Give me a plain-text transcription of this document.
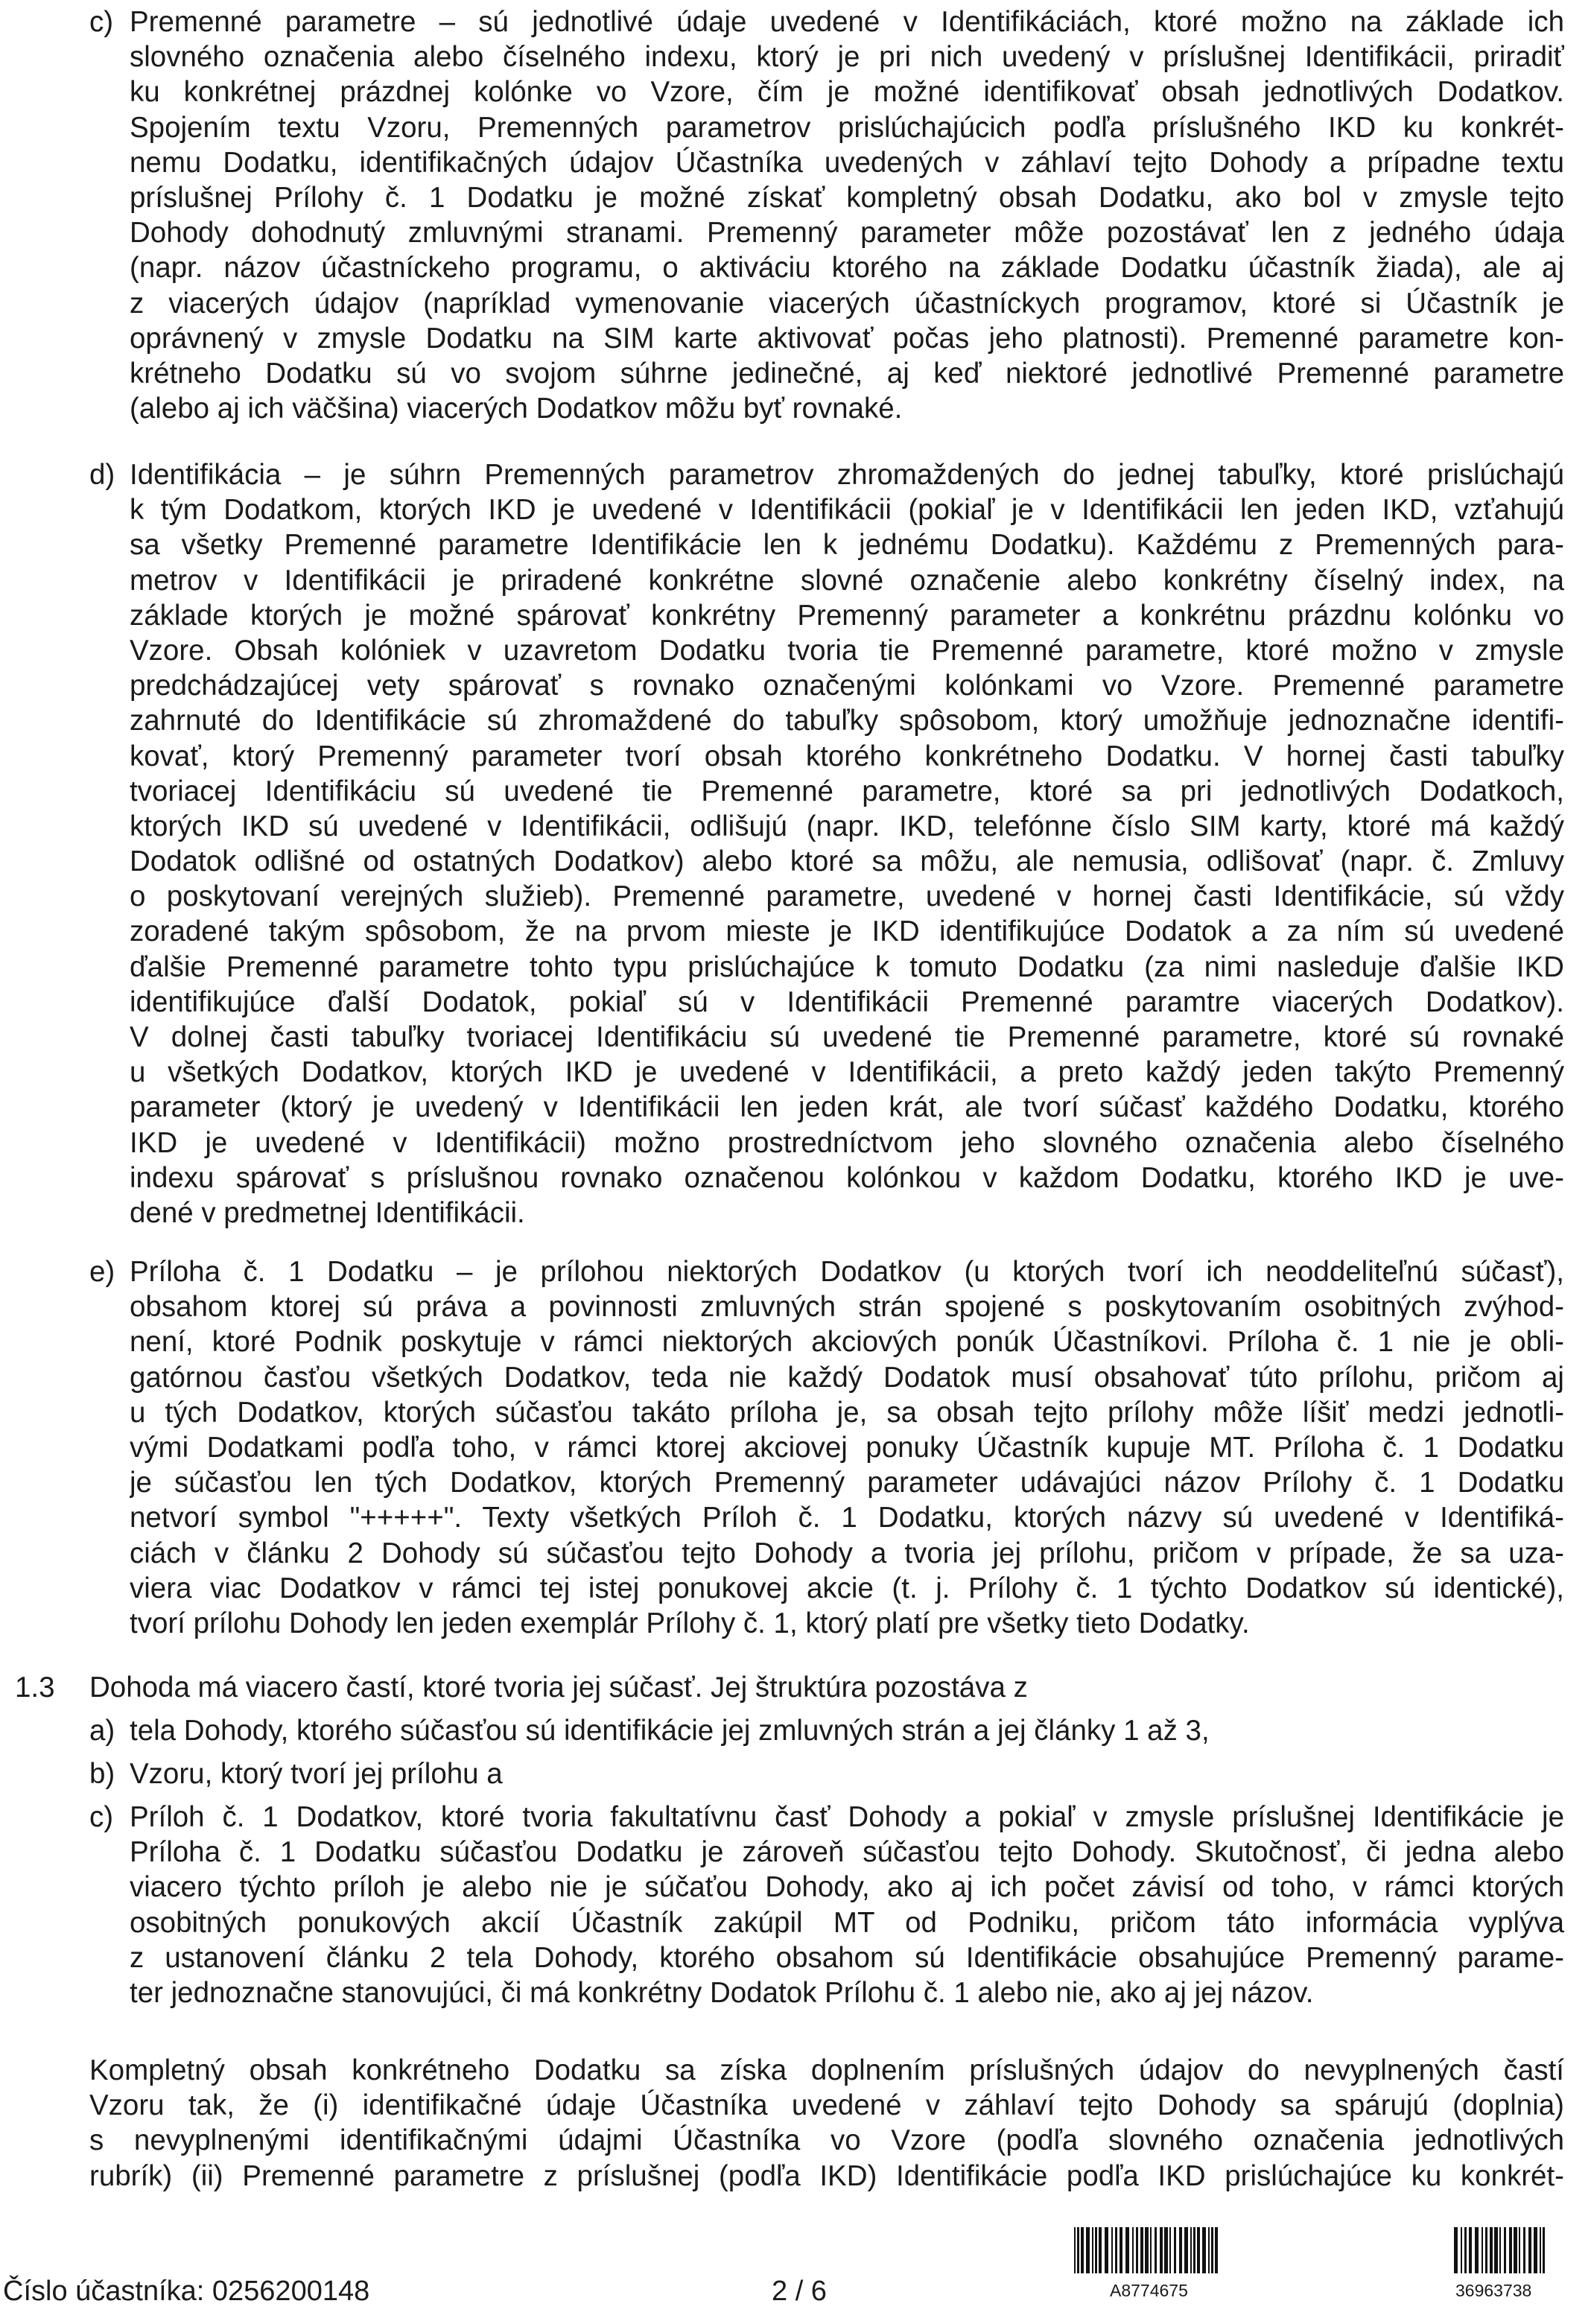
c) Premenné parametre – sú jednotlivé údaje uvedené v Identifikáciách, ktoré možno na základe ich
slovného označenia alebo číselného indexu, ktorý je pri nich uvedený v príslušnej Identifikácii, priradiť
ku konkrétnej prázdnej kolónke vo Vzore, čím je možné identifikovať obsah jednotlivých Dodatkov.
Spojením textu Vzoru, Premenných parametrov prislúchajúcich podľa príslušného IKD ku konkrét-
nemu Dodatku, identifikačných údajov Účastníka uvedených v záhlaví tejto Dohody a prípadne textu
príslušnej Prílohy č. 1 Dodatku je možné získať kompletný obsah Dodatku, ako bol v zmysle tejto
Dohody dohodnutý zmluvnými stranami. Premenný parameter môže pozostávať len z jedného údaja
(napr. názov účastníckeho programu, o aktiváciu ktorého na základe Dodatku účastník žiada), ale aj
z viacerých údajov (napríklad vymenovanie viacerých účastníckych programov, ktoré si Účastník je
oprávnený v zmysle Dodatku na SIM karte aktivovať počas jeho platnosti). Premenné parametre kon-
krétneho Dodatku sú vo svojom súhrne jedinečné, aj keď niektoré jednotlivé Premenné parametre
(alebo aj ich väčšina) viacerých Dodatkov môžu byť rovnaké.
d) Identifikácia – je súhrn Premenných parametrov zhromaždených do jednej tabuľky, ktoré prislúchajú
k tým Dodatkom, ktorých IKD je uvedené v Identifikácii (pokiaľ je v Identifikácii len jeden IKD, vzťahujú
sa všetky Premenné parametre Identifikácie len k jednému Dodatku). Každému z Premenných para-
metrov v Identifikácii je priradené konkrétne slovné označenie alebo konkrétny číselný index, na
základe ktorých je možné spárovať konkrétny Premenný parameter a konkrétnu prázdnu kolónku vo
Vzore. Obsah kolóniek v uzavretom Dodatku tvoria tie Premenné parametre, ktoré možno v zmysle
predchádzajúcej vety spárovať s rovnako označenými kolónkami vo Vzore. Premenné parametre
zahrnuté do Identifikácie sú zhromaždené do tabuľky spôsobom, ktorý umožňuje jednoznačne identifi-
kovať, ktorý Premenný parameter tvorí obsah ktorého konkrétneho Dodatku. V hornej časti tabuľky
tvoriacej Identifikáciu sú uvedené tie Premenné parametre, ktoré sa pri jednotlivých Dodatkoch,
ktorých IKD sú uvedené v Identifikácii, odlišujú (napr. IKD, telefónne číslo SIM karty, ktoré má každý
Dodatok odlišné od ostatných Dodatkov) alebo ktoré sa môžu, ale nemusia, odlišovať (napr. č. Zmluvy
o poskytovaní verejných služieb). Premenné parametre, uvedené v hornej časti Identifikácie, sú vždy
zoradené takým spôsobom, že na prvom mieste je IKD identifikujúce Dodatok a za ním sú uvedené
ďalšie Premenné parametre tohto typu prislúchajúce k tomuto Dodatku (za nimi nasleduje ďalšie IKD
identifikujúce ďalší Dodatok, pokiaľ sú v Identifikácii Premenné paramtre viacerých Dodatkov).
V dolnej časti tabuľky tvoriacej Identifikáciu sú uvedené tie Premenné parametre, ktoré sú rovnaké
u všetkých Dodatkov, ktorých IKD je uvedené v Identifikácii, a preto každý jeden takýto Premenný
parameter (ktorý je uvedený v Identifikácii len jeden krát, ale tvorí súčasť každého Dodatku, ktorého
IKD je uvedené v Identifikácii) možno prostredníctvom jeho slovného označenia alebo číselného
indexu spárovať s príslušnou rovnako označenou kolónkou v každom Dodatku, ktorého IKD je uve-
dené v predmetnej Identifikácii.
e) Príloha č. 1 Dodatku – je prílohou niektorých Dodatkov (u ktorých tvorí ich neoddeliteľnú súčasť),
obsahom ktorej sú práva a povinnosti zmluvných strán spojené s poskytovaním osobitných zvýhod-
není, ktoré Podnik poskytuje v rámci niektorých akciových ponúk Účastníkovi. Príloha č. 1 nie je obli-
gatórnou časťou všetkých Dodatkov, teda nie každý Dodatok musí obsahovať túto prílohu, pričom aj
u tých Dodatkov, ktorých súčasťou takáto príloha je, sa obsah tejto prílohy môže líšiť medzi jednotli-
vými Dodatkami podľa toho, v rámci ktorej akciovej ponuky Účastník kupuje MT. Príloha č. 1 Dodatku
je súčasťou len tých Dodatkov, ktorých Premenný parameter udávajúci názov Prílohy č. 1 Dodatku
netvorí symbol "+++++". Texty všetkých Príloh č. 1 Dodatku, ktorých názvy sú uvedené v Identifiká-
ciách v článku 2 Dohody sú súčasťou tejto Dohody a tvoria jej prílohu, pričom v prípade, že sa uza-
viera viac Dodatkov v rámci tej istej ponukovej akcie (t. j. Prílohy č. 1 týchto Dodatkov sú identické),
tvorí prílohu Dohody len jeden exemplár Prílohy č. 1, ktorý platí pre všetky tieto Dodatky.
1.3 Dohoda má viacero častí, ktoré tvoria jej súčasť. Jej štruktúra pozostáva z
a) tela Dohody, ktorého súčasťou sú identifikácie jej zmluvných strán a jej články 1 až 3,
b) Vzoru, ktorý tvorí jej prílohu a
c) Príloh č. 1 Dodatkov, ktoré tvoria fakultatívnu časť Dohody a pokiaľ v zmysle príslušnej Identifikácie je
Príloha č. 1 Dodatku súčasťou Dodatku je zároveň súčasťou tejto Dohody. Skutočnosť, či jedna alebo
viacero týchto príloh je alebo nie je súčaťou Dohody, ako aj ich počet závisí od toho, v rámci ktorých
osobitných ponukových akcií Účastník zakúpil MT od Podniku, pričom táto informácia vyplýva
z ustanovení článku 2 tela Dohody, ktorého obsahom sú Identifikácie obsahujúce Premenný parame-
ter jednoznačne stanovujúci, či má konkrétny Dodatok Prílohu č. 1 alebo nie, ako aj jej názov.
Kompletný obsah konkrétneho Dodatku sa získa doplnením príslušných údajov do nevyplnených častí
Vzoru tak, že (i) identifikačné údaje Účastníka uvedené v záhlaví tejto Dohody sa spárujú (doplnia)
s nevyplnenými identifikačnými údajmi Účastníka vo Vzore (podľa slovného označenia jednotlivých
rubrík) (ii) Premenné parametre z príslušnej (podľa IKD) Identifikácie podľa IKD prislúchajúce ku konkrét-
Číslo účastníka: 0256200148	2 / 6	A8774675	36963738
